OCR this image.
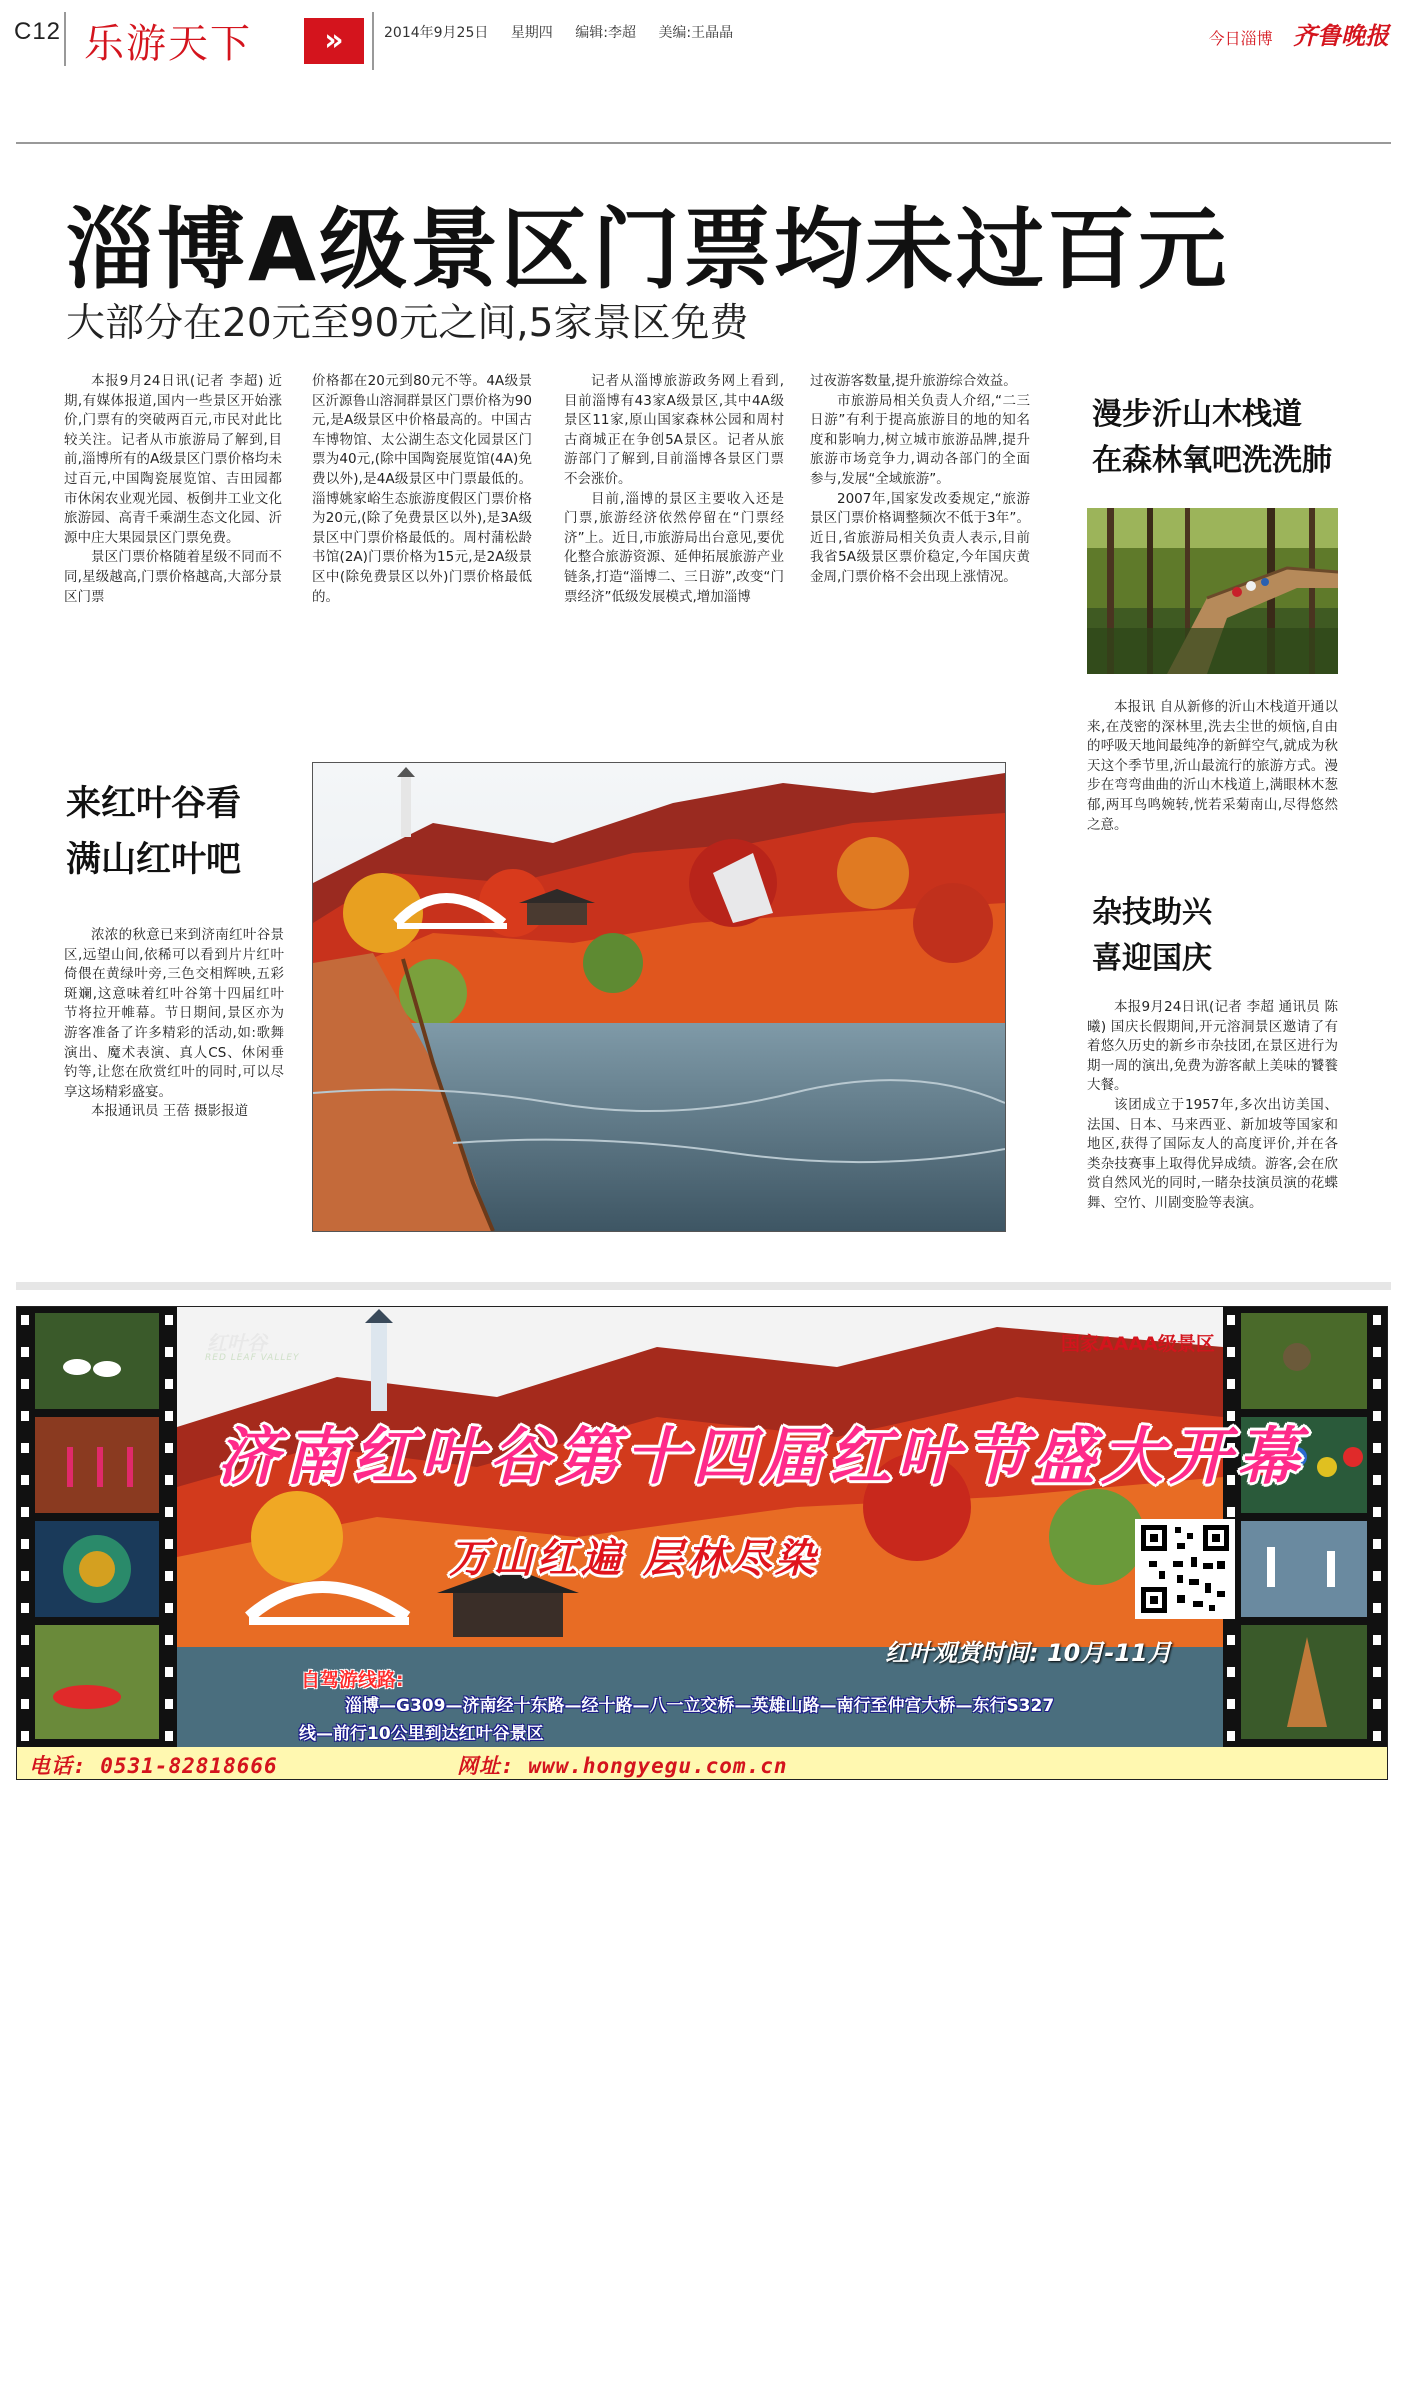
C12 乐游天下	»	2014年9月25日 星期四 编辑:李超 美编:王晶晶	今日淄博 齐鲁晚报
淄博A级景区门票均未过百元
大部分在20元至90元之间,5家景区免费

本报9月24日讯(记者 李超) 近期,有媒体报道,国内一些景区开始涨价,门票有的突破两百元,市民对此比较关注。记者从市旅游局了解到,目前,淄博所有的A级景区门票价格均未过百元,中国陶瓷展览馆、吉田园都市休闲农业观光园、板倒井工业文化旅游园、高青千乘湖生态文化园、沂源中庄大果园景区门票免费。

景区门票价格随着星级不同而不同,星级越高,门票价格越高,大部分景区门票

价格都在20元到80元不等。4A级景区沂源鲁山溶洞群景区门票价格为90元,是A级景区中价格最高的。中国古车博物馆、太公湖生态文化园景区门票为40元,(除中国陶瓷展览馆(4A)免费以外),是4A级景区中门票最低的。淄博姚家峪生态旅游度假区门票价格为20元,(除了免费景区以外),是3A级景区中门票价格最低的。周村蒲松龄书馆(2A)门票价格为15元,是2A级景区中(除免费景区以外)门票价格最低的。

记者从淄博旅游政务网上看到,目前淄博有43家A级景区,其中4A级景区11家,原山国家森林公园和周村古商城正在争创5A景区。记者从旅游部门了解到,目前淄博各景区门票不会涨价。

目前,淄博的景区主要收入还是门票,旅游经济依然停留在“门票经济”上。近日,市旅游局出台意见,要优化整合旅游资源、延伸拓展旅游产业链条,打造“淄博二、三日游”,改变“门票经济”低级发展模式,增加淄博

过夜游客数量,提升旅游综合效益。

市旅游局相关负责人介绍,“二三日游”有利于提高旅游目的地的知名度和影响力,树立城市旅游品牌,提升旅游市场竞争力,调动各部门的全面参与,发展“全域旅游”。

2007年,国家发改委规定,“旅游景区门票价格调整频次不低于3年”。近日,省旅游局相关负责人表示,目前我省5A级景区票价稳定,今年国庆黄金周,门票价格不会出现上涨情况。

漫步沂山木栈道
在森林氧吧洗洗肺

本报讯 自从新修的沂山木栈道开通以来,在茂密的深林里,洗去尘世的烦恼,自由的呼吸天地间最纯净的新鲜空气,就成为秋天这个季节里,沂山最流行的旅游方式。漫步在弯弯曲曲的沂山木栈道上,满眼林木葱郁,两耳鸟鸣婉转,恍若采菊南山,尽得悠然之意。

杂技助兴
喜迎国庆

本报9月24日讯(记者 李超 通讯员 陈曦) 国庆长假期间,开元溶洞景区邀请了有着悠久历史的新乡市杂技团,在景区进行为期一周的演出,免费为游客献上美味的饕餮大餐。

该团成立于1957年,多次出访美国、法国、日本、马来西亚、新加坡等国家和地区,获得了国际友人的高度评价,并在各类杂技赛事上取得优异成绩。游客,会在欣赏自然风光的同时,一睹杂技演员演的花蝶舞、空竹、川剧变脸等表演。

来红叶谷看
满山红叶吧

浓浓的秋意已来到济南红叶谷景区,远望山间,依稀可以看到片片红叶倚偎在黄绿叶旁,三色交相辉映,五彩斑斓,这意味着红叶谷第十四届红叶节将拉开帷幕。节日期间,景区亦为游客准备了许多精彩的活动,如:歌舞演出、魔术表演、真人CS、休闲垂钓等,让您在欣赏红叶的同时,可以尽享这场精彩盛宴。

本报通讯员 王蓓 摄影报道

红叶谷
RED LEAF VALLEY
国家AAAA级景区
济南红叶谷第十四届红叶节盛大开幕
万山红遍 层林尽染
红叶观赏时间: 10月-11月
自驾游线路:
淄博—G309—济南经十东路—经十路—八一立交桥—英雄山路—南行至仲宫大桥—东行S327
线—前行10公里到达红叶谷景区
电话: 0531-82818666	网址: www.hongyegu.com.cn
